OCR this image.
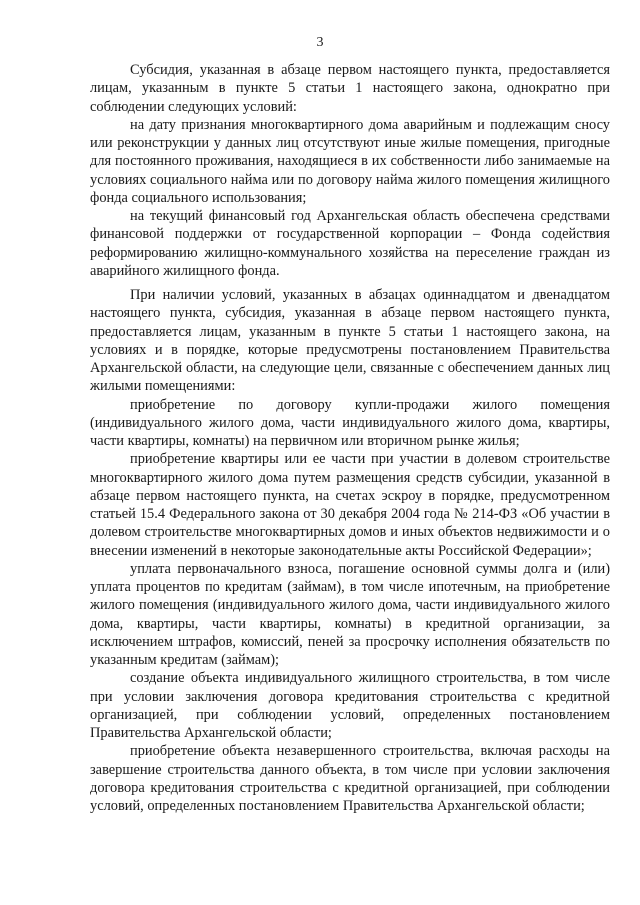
3

Субсидия, указанная в абзаце первом настоящего пункта, предоставляется лицам, указанным в пункте 5 статьи 1 настоящего закона, однократно при соблюдении следующих условий:

на дату признания многоквартирного дома аварийным и подлежащим сносу или реконструкции у данных лиц отсутствуют иные жилые помещения, пригодные для постоянного проживания, находящиеся в их собственности либо занимаемые на условиях социального найма или по договору найма жилого помещения жилищного фонда социального использования;

на текущий финансовый год Архангельская область обеспечена средствами финансовой поддержки от государственной корпорации – Фонда содействия реформированию жилищно-коммунального хозяйства на переселение граждан из аварийного жилищного фонда.

При наличии условий, указанных в абзацах одиннадцатом и двенадцатом настоящего пункта, субсидия, указанная в абзаце первом настоящего пункта, предоставляется лицам, указанным в пункте 5 статьи 1 настоящего закона, на условиях и в порядке, которые предусмотрены постановлением Правительства Архангельской области, на следующие цели, связанные с обеспечением данных лиц жилыми помещениями:

приобретение по договору купли-продажи жилого помещения (индивидуального жилого дома, части индивидуального жилого дома, квартиры, части квартиры, комнаты) на первичном или вторичном рынке жилья;

приобретение квартиры или ее части при участии в долевом строительстве многоквартирного жилого дома путем размещения средств субсидии, указанной в абзаце первом настоящего пункта, на счетах эскроу в порядке, предусмотренном статьей 15.4 Федерального закона от 30 декабря 2004 года № 214-ФЗ «Об участии в долевом строительстве многоквартирных домов и иных объектов недвижимости и о внесении изменений в некоторые законодательные акты Российской Федерации»;

уплата первоначального взноса, погашение основной суммы долга и (или) уплата процентов по кредитам (займам), в том числе ипотечным, на приобретение жилого помещения (индивидуального жилого дома, части индивидуального жилого дома, квартиры, части квартиры, комнаты) в кредитной организации, за исключением штрафов, комиссий, пеней за просрочку исполнения обязательств по указанным кредитам (займам);

создание объекта индивидуального жилищного строительства, в том числе при условии заключения договора кредитования строительства с кредитной организацией, при соблюдении условий, определенных постановлением Правительства Архангельской области;

приобретение объекта незавершенного строительства, включая расходы на завершение строительства данного объекта, в том числе при условии заключения договора кредитования строительства с кредитной организацией, при соблюдении условий, определенных постановлением Правительства Архангельской области;
